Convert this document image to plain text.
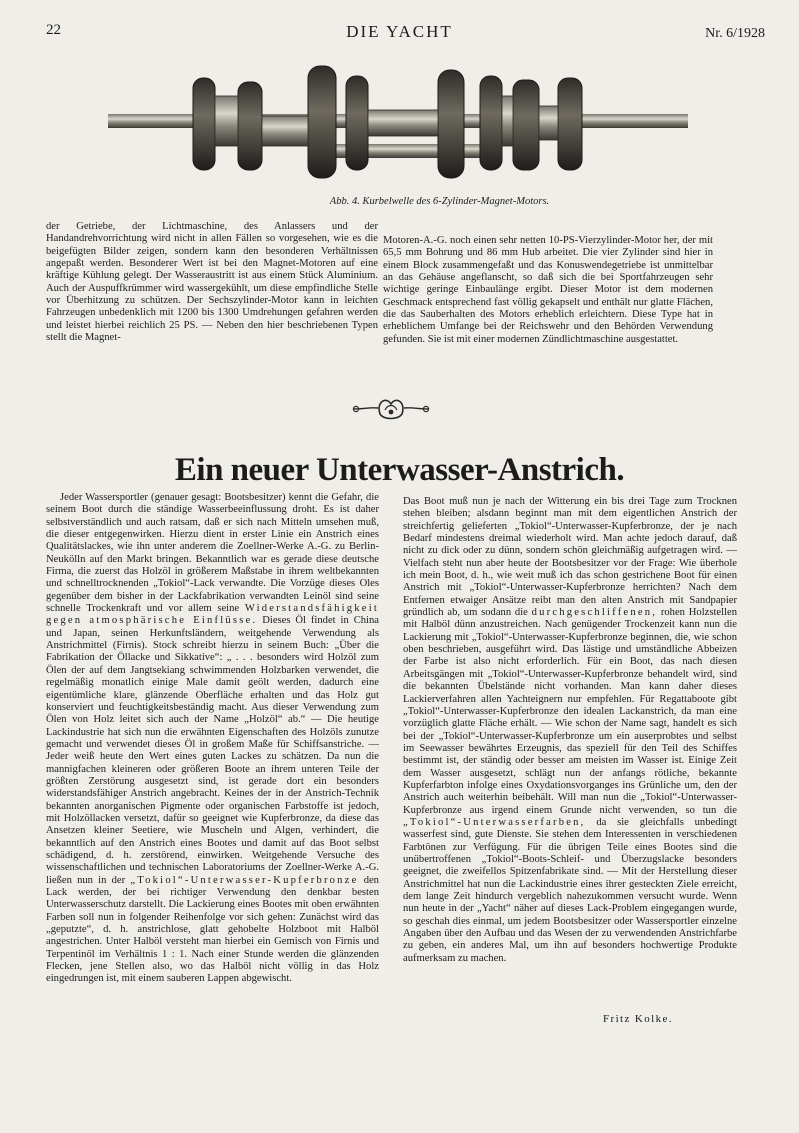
22	DIE YACHT	Nr. 6/1928
Abb. 4. Kurbelwelle des 6-Zylinder-Magnet-Motors.

der Getriebe, der Lichtmaschine, des Anlassers und der Handandrehvorrichtung wird nicht in allen Fällen so vorgesehen, wie es die beigefügten Bilder zeigen, sondern kann den besonderen Verhältnissen angepaßt werden. Besonderer Wert ist bei den Magnet-Motoren auf eine kräftige Kühlung gelegt. Der Wasseraustritt ist aus einem Stück Aluminium. Auch der Auspuffkrümmer wird wassergekühlt, um diese empfindliche Stelle vor Überhitzung zu schützen. Der Sechszylinder-Motor kann in leichten Fahrzeugen unbedenklich mit 1200 bis 1300 Umdrehungen gefahren werden und leistet hierbei reichlich 25 PS. — Neben den hier beschriebenen Typen stellt die Magnet-

Motoren-A.-G. noch einen sehr netten 10-PS-Vierzylinder-Motor her, der mit 65,5 mm Bohrung und 86 mm Hub arbeitet. Die vier Zylinder sind hier in einem Block zusammengefaßt und das Konuswendegetriebe ist unmittelbar an das Gehäuse angeflanscht, so daß sich die bei Sportfahrzeugen sehr wichtige geringe Einbaulänge ergibt. Dieser Motor ist dem modernen Geschmack entsprechend fast völlig gekapselt und enthält nur glatte Flächen, die das Sauberhalten des Motors erheblich erleichtern. Diese Type hat in erheblichem Umfange bei der Reichswehr und den Behörden Verwendung gefunden. Sie ist mit einer modernen Zündlichtmaschine ausgestattet.

Ein neuer Unterwasser-Anstrich.

Jeder Wassersportler (genauer gesagt: Bootsbesitzer) kennt die Gefahr, die seinem Boot durch die ständige Wasserbeeinflussung droht. Es ist daher selbstverständlich und auch ratsam, daß er sich nach Mitteln umsehen muß, die dieser entgegenwirken. Hierzu dient in erster Linie ein Anstrich eines Qualitätslackes, wie ihn unter anderem die Zoellner-Werke A.-G. zu Berlin-Neukölln auf den Markt bringen. Bekanntlich war es gerade diese deutsche Firma, die zuerst das Holzöl in größerem Maßstabe in ihrem weltbekannten und schnelltrocknenden „Tokiol“-Lack verwandte. Die Vorzüge dieses Oles gegenüber dem bisher in der Lackfabrikation verwandten Leinöl sind seine schnelle Trockenkraft und vor allem seine Widerstandsfähigkeit gegen atmosphärische Einflüsse. Dieses Öl findet in China und Japan, seinen Herkunftsländern, weitgehende Verwendung als Anstrichmittel (Firnis). Stock schreibt hierzu in seinem Buch: „Über die Fabrikation der Öllacke und Sikkative“: „ . . . besonders wird Holzöl zum Ölen der auf dem Jangtsekiang schwimmenden Holzbarken verwendet, die regelmäßig monatlich einige Male damit geölt werden, dadurch eine eigentümliche klare, glänzende Oberfläche erhalten und das Holz gut konserviert und feuchtigkeitsbeständig macht. Aus dieser Verwendung zum Ölen von Holz leitet sich auch der Name „Holzöl“ ab.“ — Die heutige Lackindustrie hat sich nun die erwähnten Eigenschaften des Holzöls zunutze gemacht und verwendet dieses Öl in großem Maße für Schiffsanstriche. — Jeder weiß heute den Wert eines guten Lackes zu schätzen. Da nun die mannigfachen kleineren oder größeren Boote an ihrem unteren Teile der größten Zerstörung ausgesetzt sind, ist gerade dort ein besonders widerstandsfähiger Anstrich angebracht. Keines der in der Anstrich-Technik bekannten anorganischen Pigmente oder organischen Farbstoffe ist jedoch, mit Holzöllacken versetzt, dafür so geeignet wie Kupferbronze, da diese das Ansetzen kleiner Seetiere, wie Muscheln und Algen, verhindert, die bekanntlich auf den Anstrich eines Bootes und damit auf das Boot selbst schädigend, d. h. zerstörend, einwirken. Weitgehende Versuche des wissenschaftlichen und technischen Laboratoriums der Zoellner-Werke A.-G. ließen nun in der „Tokiol“-Unterwasser-Kupferbronze den Lack werden, der bei richtiger Verwendung den denkbar besten Unterwasserschutz darstellt. Die Lackierung eines Bootes mit oben erwähnten Farben soll nun in folgender Reihenfolge vor sich gehen: Zunächst wird das „geputzte“, d. h. anstrichlose, glatt gehobelte Holzboot mit Halböl angestrichen. Unter Halböl versteht man hierbei ein Gemisch von Firnis und Terpentinöl im Verhältnis 1 : 1. Nach einer Stunde werden die glänzenden Flecken, jene Stellen also, wo das Halböl nicht völlig in das Holz eingedrungen ist, mit einem sauberen Lappen abgewischt.

Das Boot muß nun je nach der Witterung ein bis drei Tage zum Trocknen stehen bleiben; alsdann beginnt man mit dem eigentlichen Anstrich der streichfertig gelieferten „Tokiol“-Unterwasser-Kupferbronze, der je nach Bedarf mindestens dreimal wiederholt wird. Man achte jedoch darauf, daß nicht zu dick oder zu dünn, sondern schön gleichmäßig aufgetragen wird. — Vielfach steht nun aber heute der Bootsbesitzer vor der Frage: Wie überhole ich mein Boot, d. h., wie weit muß ich das schon gestrichene Boot für einen Anstrich mit „Tokiol“-Unterwasser-Kupferbronze herrichten? Nach dem Entfernen etwaiger Ansätze reibt man den alten Anstrich mit Sandpapier gründlich ab, um sodann die durchgeschliffenen, rohen Holzstellen mit Halböl dünn anzustreichen. Nach genügender Trockenzeit kann nun die Lackierung mit „Tokiol“-Unterwasser-Kupferbronze beginnen, die, wie schon oben beschrieben, ausgeführt wird. Das lästige und umständliche Abbeizen der Farbe ist also nicht erforderlich. Für ein Boot, das nach diesen Arbeitsgängen mit „Tokiol“-Unterwasser-Kupferbronze behandelt wird, sind die bekannten Übelstände nicht vorhanden. Man kann daher dieses Lackierverfahren allen Yachteignern nur empfehlen. Für Regattaboote gibt „Tokiol“-Unterwasser-Kupferbronze den idealen Lackanstrich, da man eine vorzüglich glatte Fläche erhält. — Wie schon der Name sagt, handelt es sich bei der „Tokiol“-Unterwasser-Kupferbronze um ein auserprobtes und selbst im Seewasser bewährtes Erzeugnis, das speziell für den Teil des Schiffes bestimmt ist, der ständig oder besser am meisten im Wasser ist. Einige Zeit dem Wasser ausgesetzt, schlägt nun der anfangs rötliche, bekannte Kupferfarbton infolge eines Oxydationsvorganges ins Grünliche um, den der Anstrich auch weiterhin beibehält. Will man nun die „Tokiol“-Unterwasser-Kupferbronze aus irgend einem Grunde nicht verwenden, so tun die „Tokiol“-Unterwasserfarben, da sie gleichfalls unbedingt wasserfest sind, gute Dienste. Sie stehen dem Interessenten in verschiedenen Farbtönen zur Verfügung. Für die übrigen Teile eines Bootes sind die unübertroffenen „Tokiol“-Boots-Schleif- und Überzugslacke besonders geeignet, die zweifellos Spitzenfabrikate sind. — Mit der Herstellung dieser Anstrichmittel hat nun die Lackindustrie eines ihrer gesteckten Ziele erreicht, dem lange Zeit hindurch vergeblich nahezukommen versucht wurde. Wenn nun heute in der „Yacht“ näher auf dieses Lack-Problem eingegangen wurde, so geschah dies einmal, um jedem Bootsbesitzer oder Wassersportler einzelne Angaben über den Aufbau und das Wesen der zu verwendenden Anstrichfarbe zu geben, ein anderes Mal, um ihn auf besonders hochwertige Produkte aufmerksam zu machen.

Fritz Kolke.
